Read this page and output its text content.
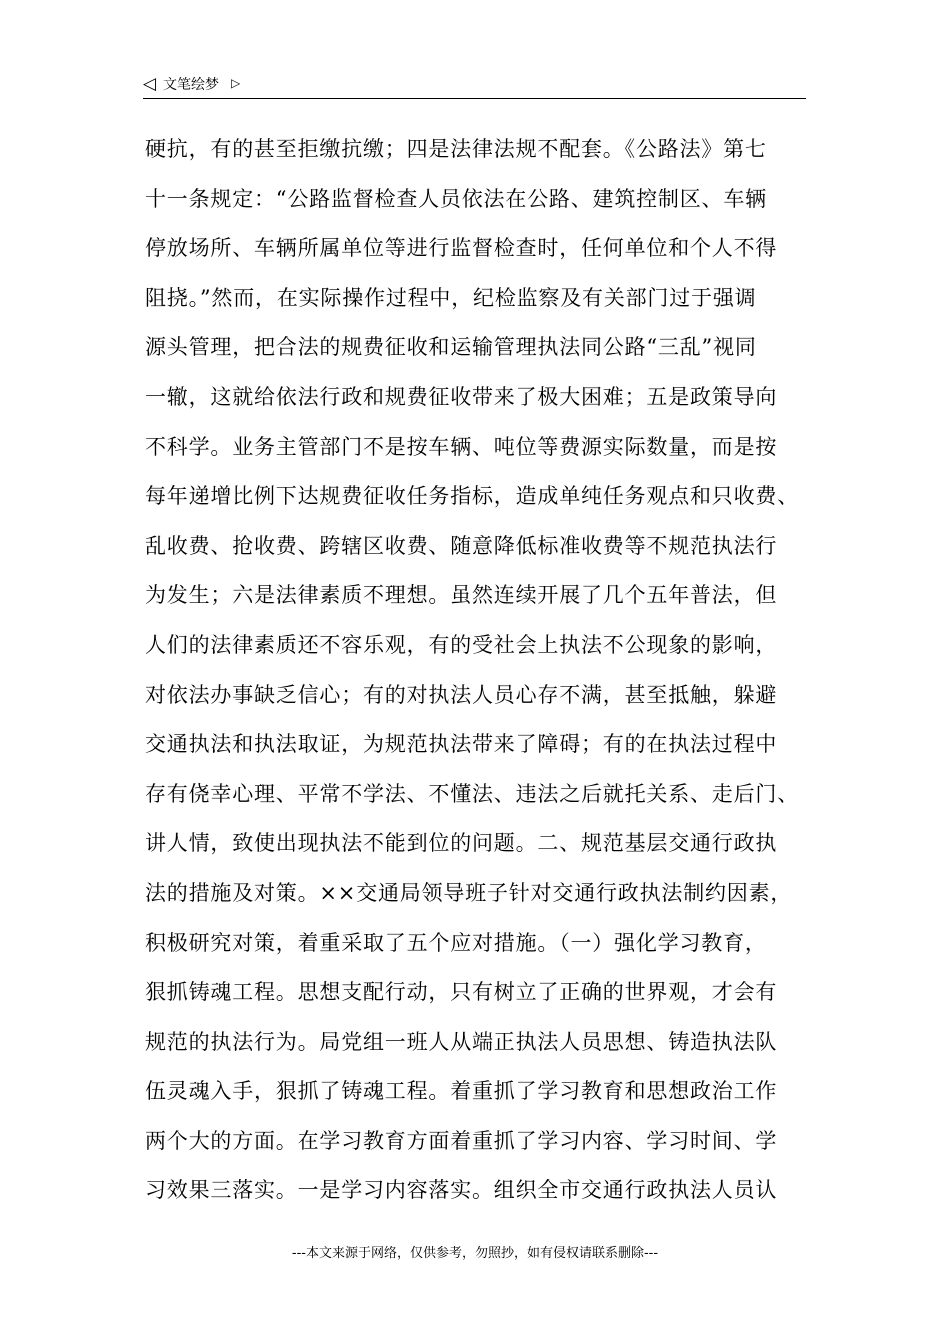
◁ 文笔绘梦 ▷
硬抗，有的甚至拒缴抗缴；四是法律法规不配套。《公路法》第七
十一条规定：“公路监督检查人员依法在公路、建筑控制区、车辆
停放场所、车辆所属单位等进行监督检查时，任何单位和个人不得
阻挠。”然而，在实际操作过程中，纪检监察及有关部门过于强调
源头管理，把合法的规费征收和运输管理执法同公路“三乱”视同
一辙，这就给依法行政和规费征收带来了极大困难；五是政策导向
不科学。业务主管部门不是按车辆、吨位等费源实际数量，而是按
每年递增比例下达规费征收任务指标，造成单纯任务观点和只收费、
乱收费、抢收费、跨辖区收费、随意降低标准收费等不规范执法行
为发生；六是法律素质不理想。虽然连续开展了几个五年普法，但
人们的法律素质还不容乐观，有的受社会上执法不公现象的影响，
对依法办事缺乏信心；有的对执法人员心存不满，甚至抵触，躲避
交通执法和执法取证，为规范执法带来了障碍；有的在执法过程中
存有侥幸心理、平常不学法、不懂法、违法之后就托关系、走后门、
讲人情，致使出现执法不能到位的问题。二、规范基层交通行政执
法的措施及对策。××交通局领导班子针对交通行政执法制约因素，
积极研究对策，着重采取了五个应对措施。（一）强化学习教育，
狠抓铸魂工程。思想支配行动，只有树立了正确的世界观，才会有
规范的执法行为。局党组一班人从端正执法人员思想、铸造执法队
伍灵魂入手，狠抓了铸魂工程。着重抓了学习教育和思想政治工作
两个大的方面。在学习教育方面着重抓了学习内容、学习时间、学
习效果三落实。一是学习内容落实。组织全市交通行政执法人员认
---本文来源于网络，仅供参考，勿照抄，如有侵权请联系删除---
